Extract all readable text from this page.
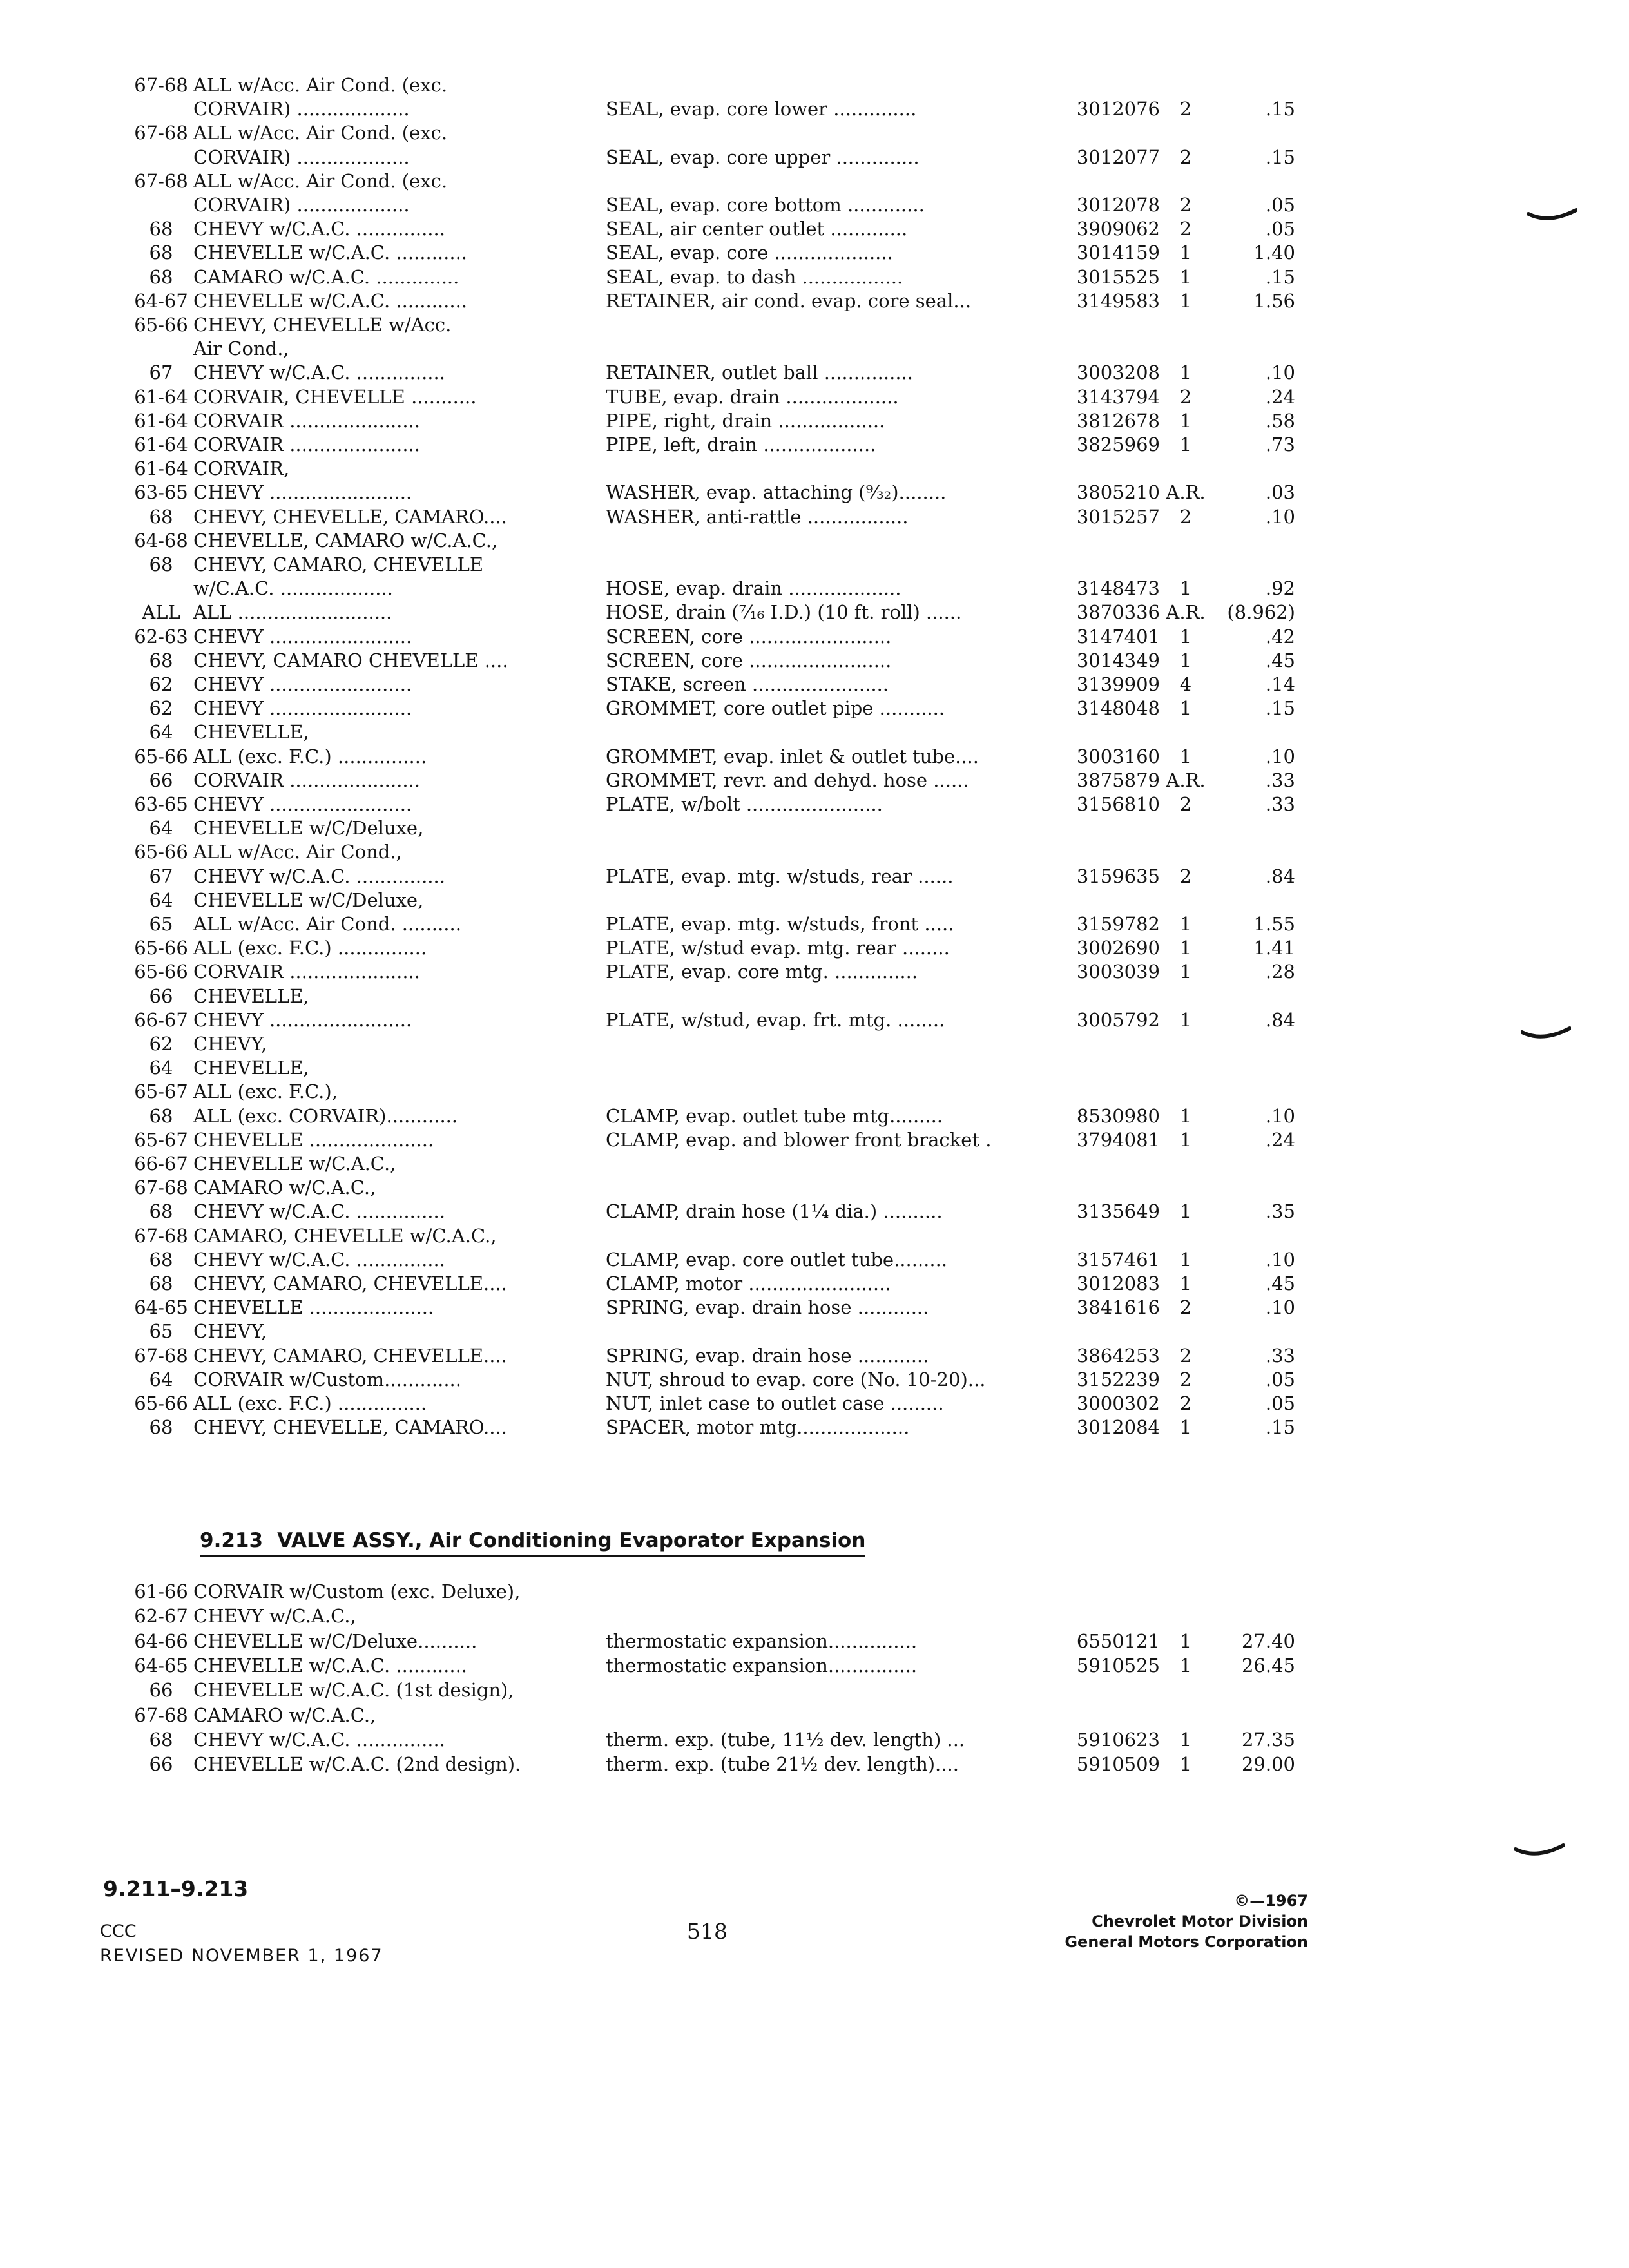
67-68 ALL w/Acc. Air Cond. (exc.
CORVAIR) ...................	SEAL, evap. core lower ..............	3012076	2	.15
67-68 ALL w/Acc. Air Cond. (exc.
CORVAIR) ...................	SEAL, evap. core upper ..............	3012077	2	.15
67-68 ALL w/Acc. Air Cond. (exc.
CORVAIR) ...................	SEAL, evap. core bottom .............	3012078	2	.05
68	CHEVY w/C.A.C. ...............	SEAL, air center outlet .............	3909062	2	.05
68	CHEVELLE w/C.A.C. ............	SEAL, evap. core ....................	3014159	1	1.40
68	CAMARO w/C.A.C. ..............	SEAL, evap. to dash .................	3015525	1	.15
64-67 CHEVELLE w/C.A.C. ............	RETAINER, air cond. evap. core seal...	3149583	1	1.56
65-66 CHEVY, CHEVELLE w/Acc.
Air Cond.,
67	CHEVY w/C.A.C. ...............	RETAINER, outlet ball ...............	3003208	1	.10
61-64 CORVAIR, CHEVELLE ...........	TUBE, evap. drain ...................	3143794	2	.24
61-64 CORVAIR ......................	PIPE, right, drain ..................	3812678	1	.58
61-64 CORVAIR ......................	PIPE, left, drain ...................	3825969	1	.73
61-64 CORVAIR,
63-65 CHEVY ........................	WASHER, evap. attaching (⁹⁄₃₂)........	3805210 A.R.	.03
68	CHEVY, CHEVELLE, CAMARO....	WASHER, anti-rattle .................	3015257	2	.10
64-68 CHEVELLE, CAMARO w/C.A.C.,
68	CHEVY, CAMARO, CHEVELLE
w/C.A.C. ...................	HOSE, evap. drain ...................	3148473	1	.92
ALL ALL ..........................	HOSE, drain (⁷⁄₁₆ I.D.) (10 ft. roll) ......	3870336 A.R.	(8.962)
62-63 CHEVY ........................	SCREEN, core ........................	3147401	1	.42
68	CHEVY, CAMARO CHEVELLE ....	SCREEN, core ........................	3014349	1	.45
62	CHEVY ........................	STAKE, screen .......................	3139909	4	.14
62	CHEVY ........................	GROMMET, core outlet pipe ...........	3148048	1	.15
64	CHEVELLE,
65-66 ALL (exc. F.C.) ...............	GROMMET, evap. inlet & outlet tube....	3003160	1	.10
66	CORVAIR ......................	GROMMET, revr. and dehyd. hose ......	3875879 A.R.	.33
63-65 CHEVY ........................	PLATE, w/bolt .......................	3156810	2	.33
64	CHEVELLE w/C/Deluxe,
65-66 ALL w/Acc. Air Cond.,
67	CHEVY w/C.A.C. ...............	PLATE, evap. mtg. w/studs, rear ......	3159635	2	.84
64	CHEVELLE w/C/Deluxe,
65	ALL w/Acc. Air Cond. ..........	PLATE, evap. mtg. w/studs, front .....	3159782	1	1.55
65-66 ALL (exc. F.C.) ...............	PLATE, w/stud evap. mtg. rear ........	3002690	1	1.41
65-66 CORVAIR ......................	PLATE, evap. core mtg. ..............	3003039	1	.28
66	CHEVELLE,
66-67 CHEVY ........................	PLATE, w/stud, evap. frt. mtg. ........	3005792	1	.84
62	CHEVY,
64	CHEVELLE,
65-67 ALL (exc. F.C.),
68	ALL (exc. CORVAIR)............	CLAMP, evap. outlet tube mtg.........	8530980	1	.10
65-67 CHEVELLE .....................	CLAMP, evap. and blower front bracket .	3794081	1	.24
66-67 CHEVELLE w/C.A.C.,
67-68 CAMARO w/C.A.C.,
68	CHEVY w/C.A.C. ...............	CLAMP, drain hose (1¼ dia.) ..........	3135649	1	.35
67-68 CAMARO, CHEVELLE w/C.A.C.,
68	CHEVY w/C.A.C. ...............	CLAMP, evap. core outlet tube.........	3157461	1	.10
68	CHEVY, CAMARO, CHEVELLE....	CLAMP, motor ........................	3012083	1	.45
64-65 CHEVELLE .....................	SPRING, evap. drain hose ............	3841616	2	.10
65	CHEVY,
67-68 CHEVY, CAMARO, CHEVELLE....	SPRING, evap. drain hose ............	3864253	2	.33
64	CORVAIR w/Custom.............	NUT, shroud to evap. core (No. 10-20)...	3152239	2	.05
65-66 ALL (exc. F.C.) ...............	NUT, inlet case to outlet case .........	3000302	2	.05
68	CHEVY, CHEVELLE, CAMARO....	SPACER, motor mtg...................	3012084	1	.15
9.213 VALVE ASSY., Air Conditioning Evaporator Expansion
61-66 CORVAIR w/Custom (exc. Deluxe),
62-67 CHEVY w/C.A.C.,
64-66 CHEVELLE w/C/Deluxe..........	thermostatic expansion...............	6550121	1	27.40
64-65 CHEVELLE w/C.A.C. ............	thermostatic expansion...............	5910525	1	26.45
66	CHEVELLE w/C.A.C. (1st design),
67-68 CAMARO w/C.A.C.,
68	CHEVY w/C.A.C. ...............	therm. exp. (tube, 11½ dev. length) ...	5910623	1	27.35
66	CHEVELLE w/C.A.C. (2nd design).	therm. exp. (tube 21½ dev. length)....	5910509	1	29.00
9.211–9.213
CCC
REVISED NOVEMBER 1, 1967
518
©—1967
Chevrolet Motor Division
General Motors Corporation
